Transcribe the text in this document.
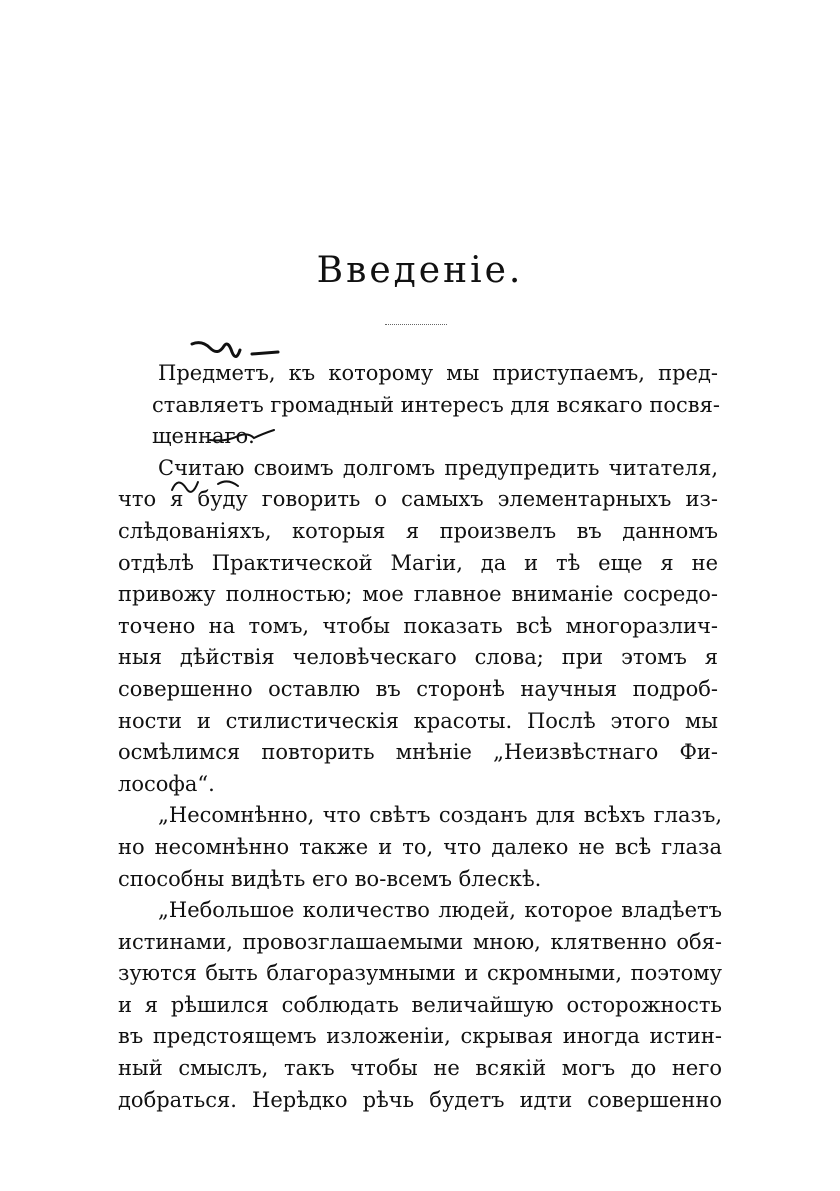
Введенie.
Предметъ, къ которому мы приступаемъ, пред-
ставляетъ громадный интересъ для всякаго посвя-
щеннаго.
Считаю своимъ долгомъ предупредить читателя,
что я буду говорить о самыхъ элементарныхъ из-
слѣдованiяхъ, которыя я произвелъ въ данномъ
отдѣлѣ Практической Магiи, да и тѣ еще я не
привожу полностью; мое главное вниманiе сосредо-
точено на томъ, чтобы показать всѣ многоразлич-
ныя дѣйствiя человѣческаго слова; при этомъ я
совершенно оставлю въ сторонѣ научныя подроб-
ности и стилистическiя красоты. Послѣ этого мы
осмѣлимся повторить мнѣнiе „Неизвѣстнаго Фи-
лософа“.
„Несомнѣнно, что свѣтъ созданъ для всѣхъ глазъ,
но несомнѣнно также и то, что далеко не всѣ глаза
способны видѣть его во-всемъ блескѣ.
„Небольшое количество людей, которое владѣетъ
истинами, провозглашаемыми мною, клятвенно обя-
зуются быть благоразумными и скромными, поэтому
и я рѣшился соблюдать величайшую осторожность
въ предстоящемъ изложенiи, скрывая иногда истин-
ный смыслъ, такъ чтобы не всякiй могъ до него
добраться. Нерѣдко рѣчь будетъ идти совершенно
